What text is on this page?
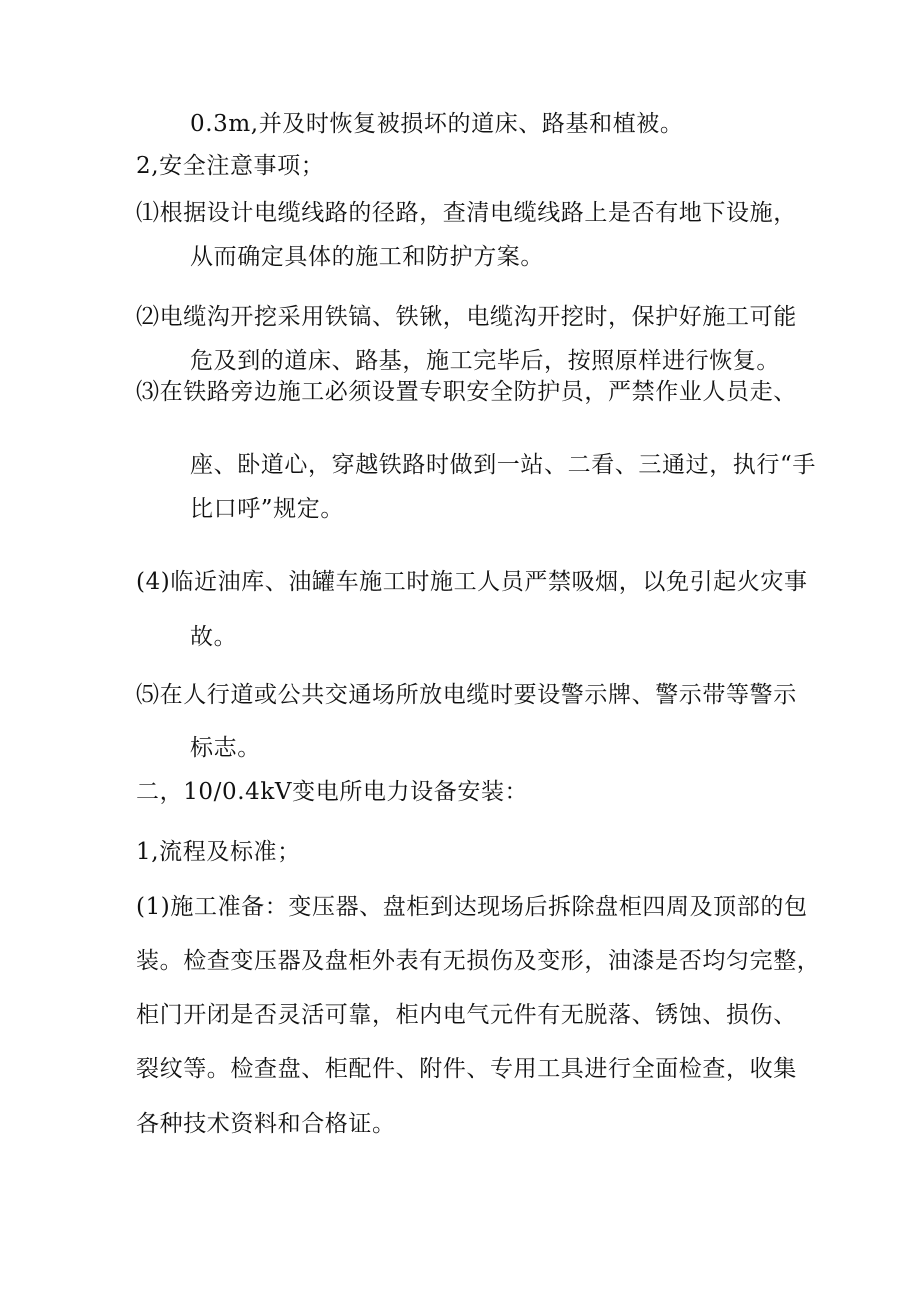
0.3m,并及时恢复被损坏的道床、路基和植被。
2,安全注意事项；
⑴根据设计电缆线路的径路，查清电缆线路上是否有地下设施，
从而确定具体的施工和防护方案。
⑵电缆沟开挖采用铁镐、铁锹，电缆沟开挖时，保护好施工可能
危及到的道床、路基，施工完毕后，按照原样进行恢复。
⑶在铁路旁边施工必须设置专职安全防护员，严禁作业人员走、
座、卧道心，穿越铁路时做到一站、二看、三通过，执行“手
比口呼”规定。
(4)临近油库、油罐车施工时施工人员严禁吸烟，以免引起火灾事
故。
⑸在人行道或公共交通场所放电缆时要设警示牌、警示带等警示
标志。
二，10/0.4kV变电所电力设备安装：
1,流程及标准；
(1)施工准备：变压器、盘柜到达现场后拆除盘柜四周及顶部的包
装。检查变压器及盘柜外表有无损伤及变形，油漆是否均匀完整，
柜门开闭是否灵活可靠，柜内电气元件有无脱落、锈蚀、损伤、
裂纹等。检查盘、柜配件、附件、专用工具进行全面检查，收集
各种技术资料和合格证。
